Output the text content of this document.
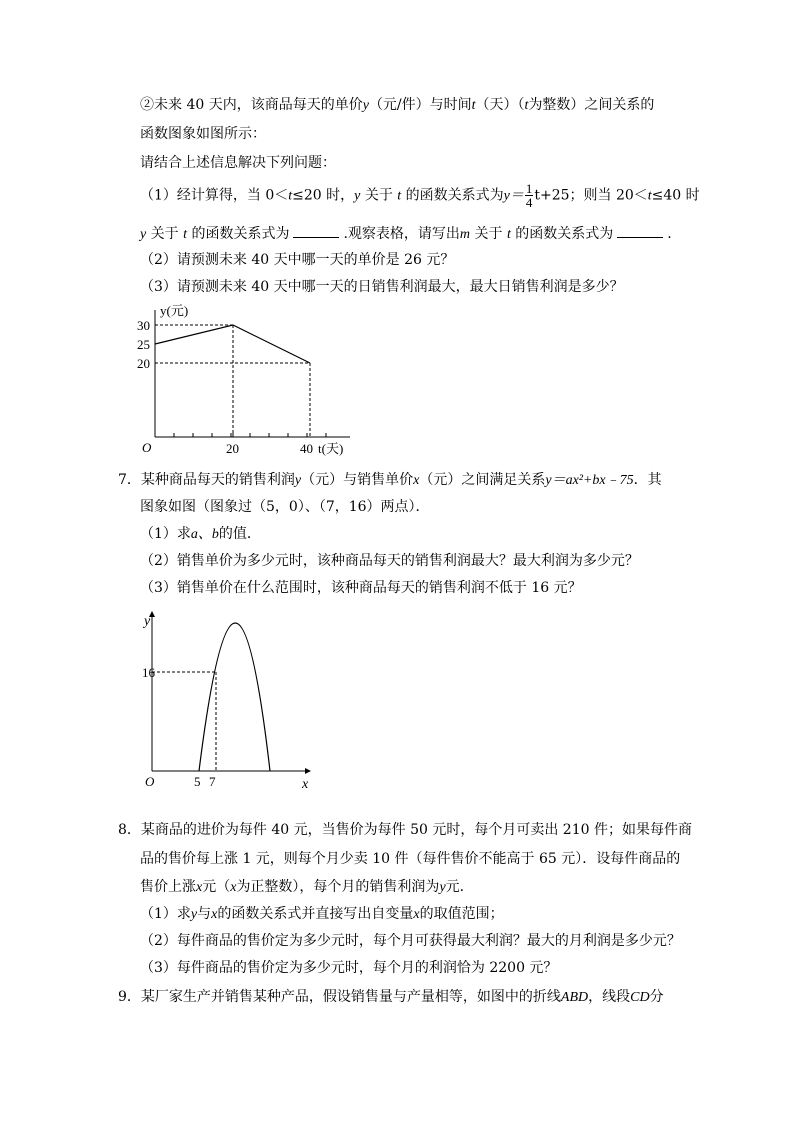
②未来 40 天内，该商品每天的单价y（元/件）与时间t（天）（t为整数）之间关系的
函数图象如图所示：
请结合上述信息解决下列问题：
（1）经计算得，当 0＜t≤20 时，y 关于 t 的函数关系式为$y= \frac{1}{4} t+25$；则当 20＜t≤40 时
y 关于 t 的函数关系式为	.观察表格，请写出m 关于 t 的函数关系式为	.
（2）请预测未来 40 天中哪一天的单价是 26 元？
（3）请预测未来 40 天中哪一天的日销售利润最大，最大日销售利润是多少？
y(元)
30
25
20
O	20	40 t(天)
7．某种商品每天的销售利润y（元）与销售单价x（元）之间满足关系y＝ax²+bx﹣75．其
图象如图（图象过（5，0）、（7，16）两点）．
（1）求a、b的值．
（2）销售单价为多少元时，该种商品每天的销售利润最大？最大利润为多少元？
（3）销售单价在什么范围时，该种商品每天的销售利润不低于 16 元？
y
16
O	5 7	x
8．某商品的进价为每件 40 元，当售价为每件 50 元时，每个月可卖出 210 件；如果每件商
品的售价每上涨 1 元，则每个月少卖 10 件（每件售价不能高于 65 元）．设每件商品的
售价上涨x元（x为正整数），每个月的销售利润为y元．
（1）求y与x的函数关系式并直接写出自变量x的取值范围；
（2）每件商品的售价定为多少元时，每个月可获得最大利润？最大的月利润是多少元？
（3）每件商品的售价定为多少元时，每个月的利润恰为 2200 元？
9．某厂家生产并销售某种产品，假设销售量与产量相等，如图中的折线ABD，线段CD分
